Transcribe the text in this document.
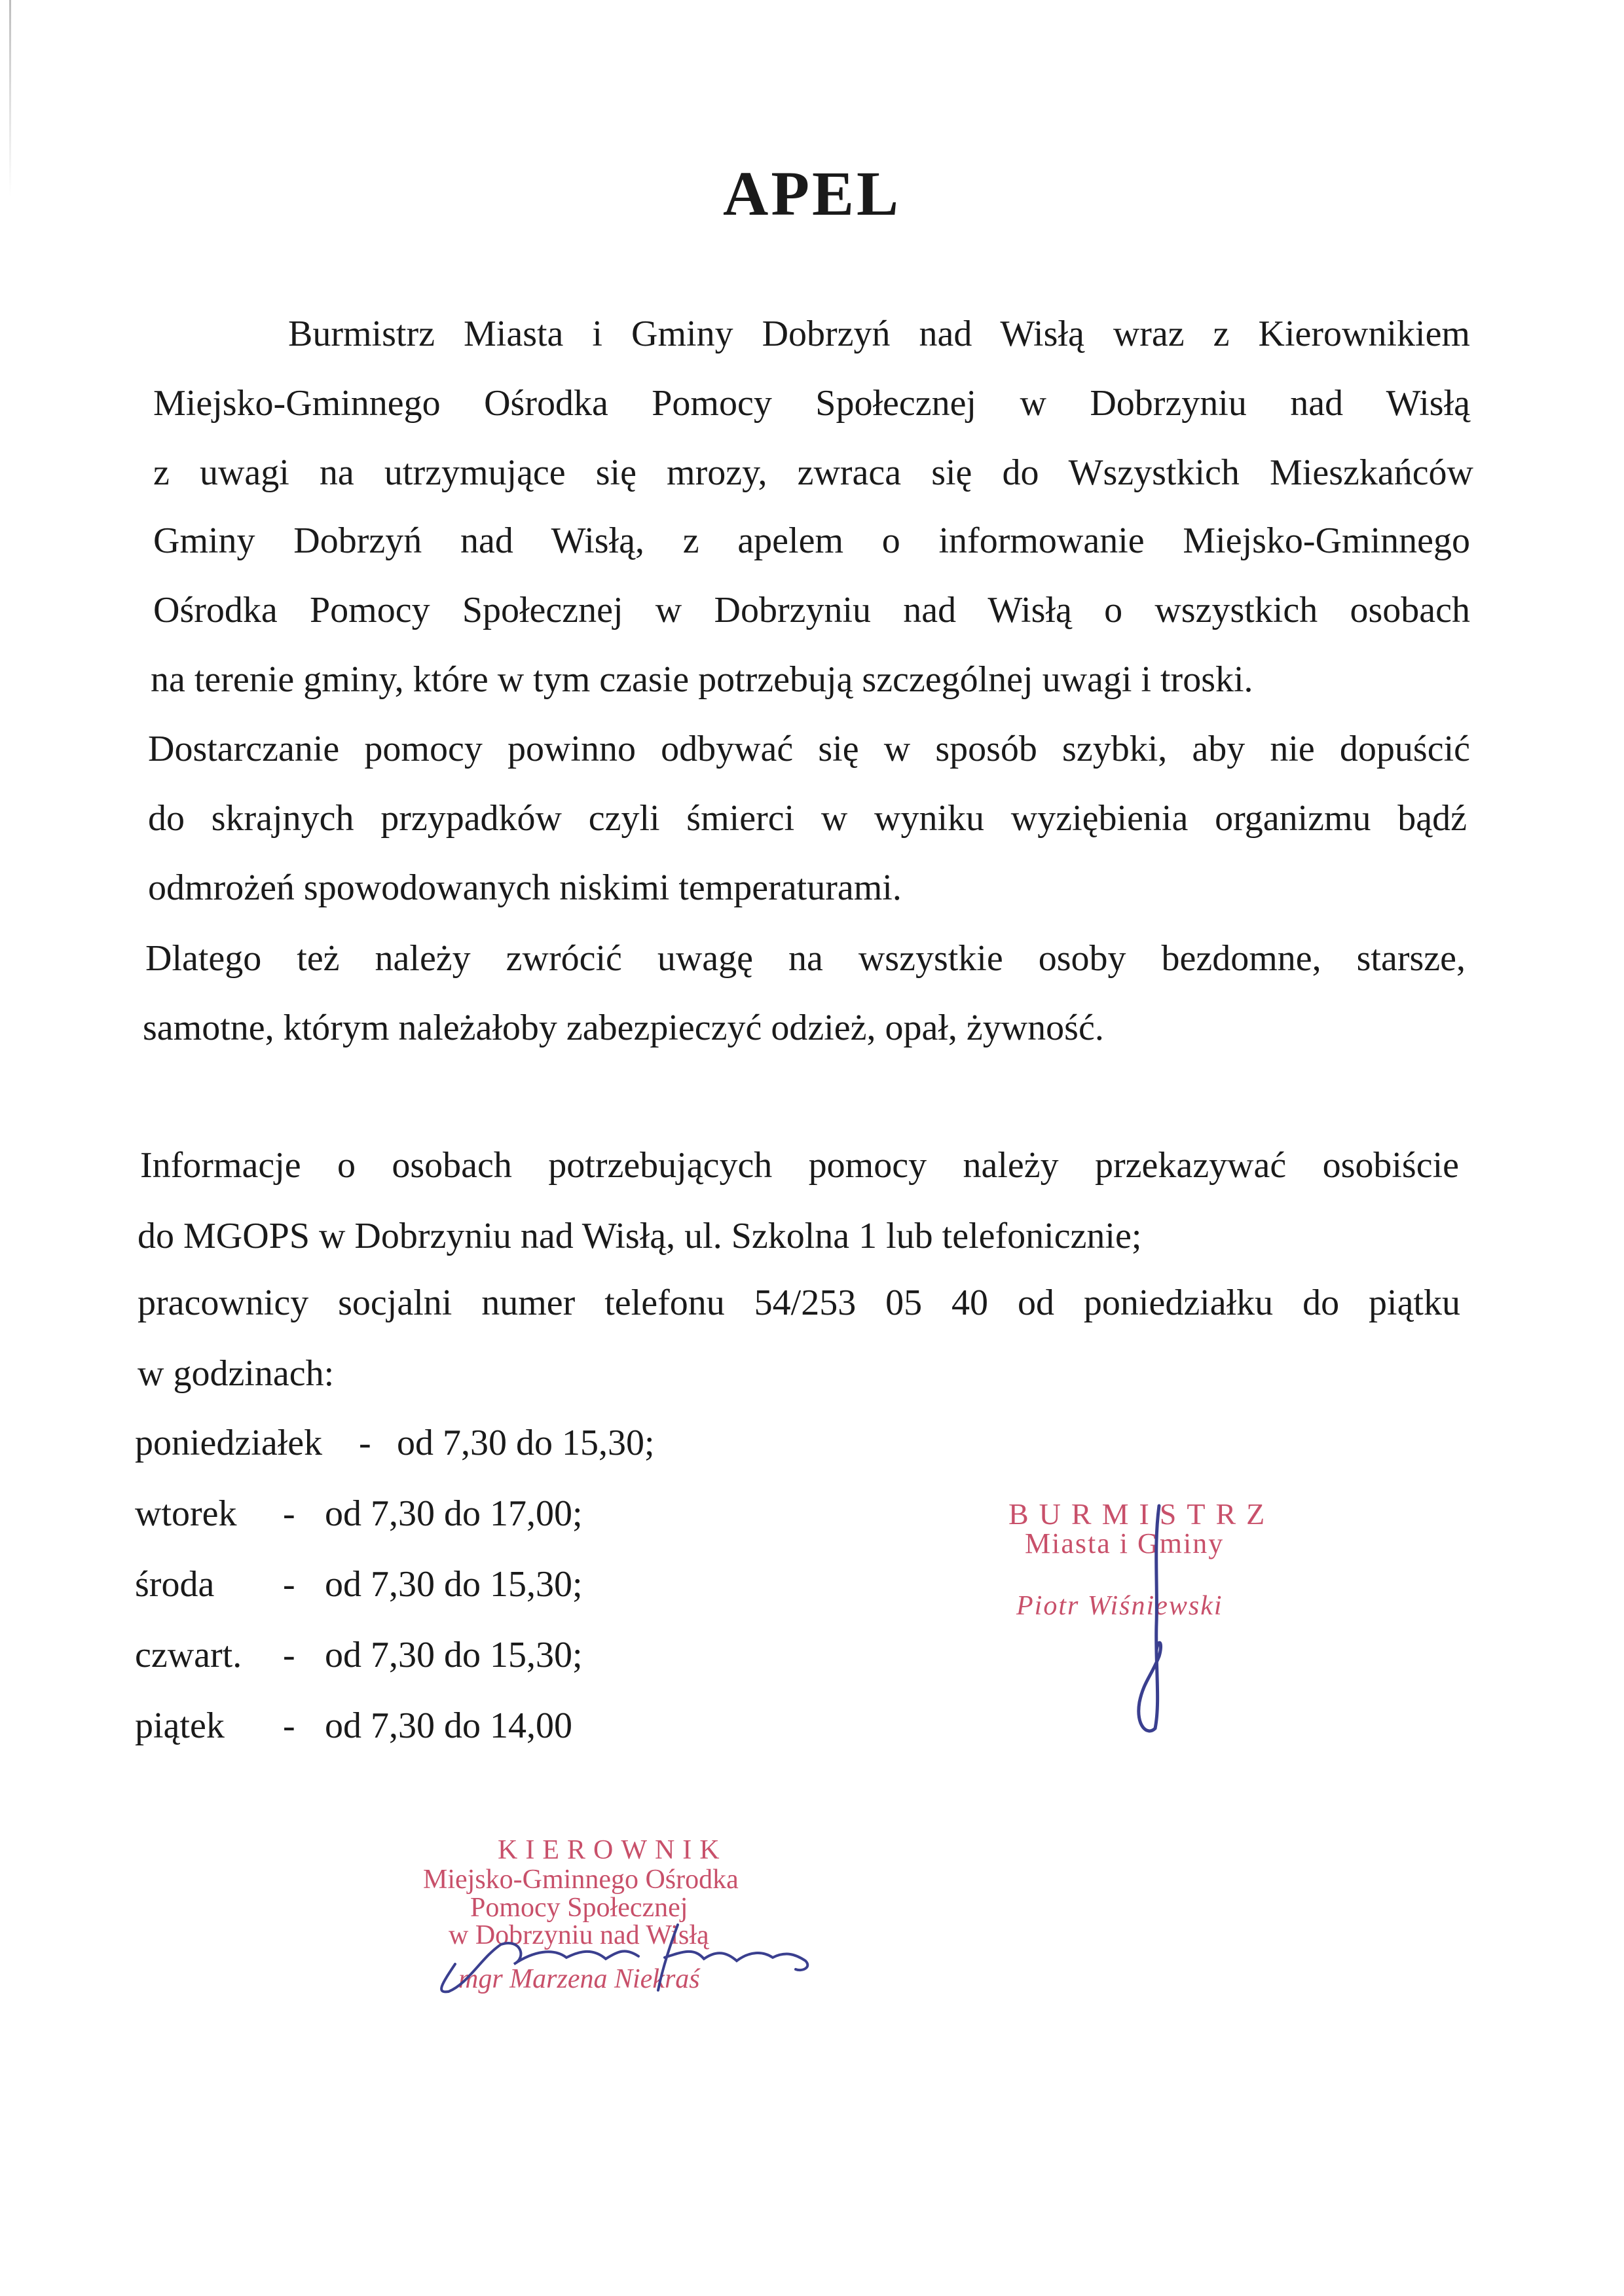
APEL
Burmistrz Miasta i Gminy Dobrzyń nad Wisłą wraz z Kierownikiem
Miejsko-Gminnego Ośrodka Pomocy Społecznej w Dobrzyniu nad Wisłą
z uwagi na utrzymujące się mrozy, zwraca się do Wszystkich Mieszkańców
Gminy Dobrzyń nad Wisłą, z apelem o informowanie Miejsko-Gminnego
Ośrodka Pomocy Społecznej w Dobrzyniu nad Wisłą o wszystkich osobach
na terenie gminy, które w tym czasie potrzebują szczególnej uwagi i troski.
Dostarczanie pomocy powinno odbywać się w sposób szybki, aby nie dopuścić
do skrajnych przypadków czyli śmierci w wyniku wyziębienia organizmu bądź
odmrożeń spowodowanych niskimi temperaturami.
Dlatego też należy zwrócić uwagę na wszystkie osoby bezdomne, starsze,
samotne, którym należałoby zabezpieczyć odzież, opał, żywność.
Informacje o osobach potrzebujących pomocy należy przekazywać osobiście
do MGOPS w Dobrzyniu nad Wisłą, ul. Szkolna 1 lub telefonicznie;
pracownicy socjalni numer telefonu 54/253 05 40 od poniedziałku do piątku
w godzinach:
poniedziałek - od 7,30 do 15,30;
wtorek - od 7,30 do 17,00;
środa - od 7,30 do 15,30;
czwart. - od 7,30 do 15,30;
piątek - od 7,30 do 14,00
BURMISTRZ
Miasta i Gminy
Piotr Wiśniewski
KIEROWNIK
Miejsko-Gminnego Ośrodka
Pomocy Społecznej
w Dobrzyniu nad Wisłą
mgr Marzena Niekraś
